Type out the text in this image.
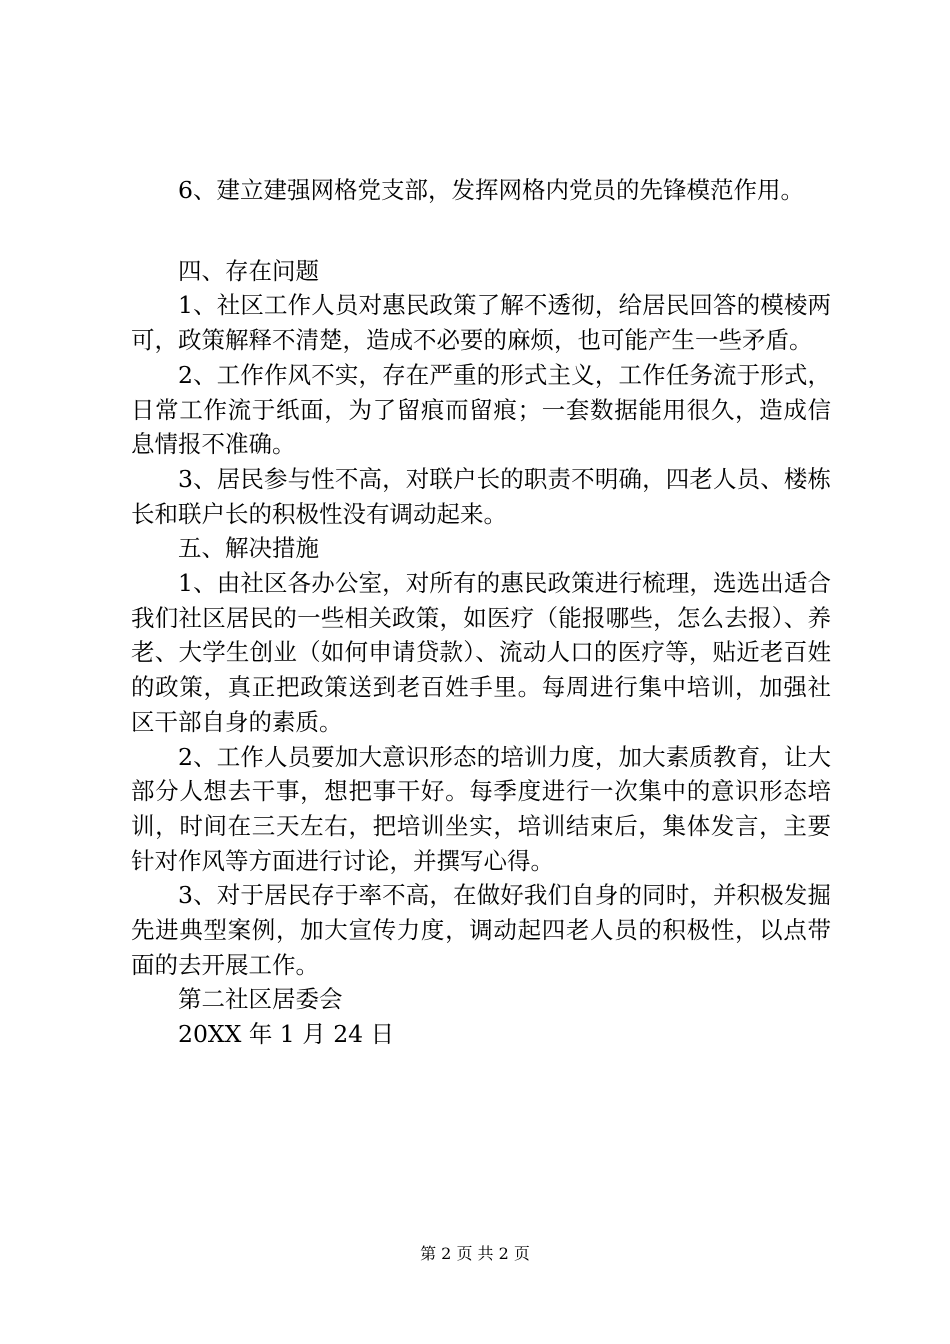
6、建立建强网格党支部，发挥网格内党员的先锋模范作用。

四、存在问题

1、社区工作人员对惠民政策了解不透彻，给居民回答的模棱两可，政策解释不清楚，造成不必要的麻烦，也可能产生一些矛盾。

2、工作作风不实，存在严重的形式主义，工作任务流于形式，日常工作流于纸面，为了留痕而留痕；一套数据能用很久，造成信息情报不准确。

3、居民参与性不高，对联户长的职责不明确，四老人员、楼栋长和联户长的积极性没有调动起来。

五、解决措施

1、由社区各办公室，对所有的惠民政策进行梳理，选选出适合我们社区居民的一些相关政策，如医疗（能报哪些，怎么去报）、养老、大学生创业（如何申请贷款）、流动人口的医疗等，贴近老百姓的政策，真正把政策送到老百姓手里。每周进行集中培训，加强社区干部自身的素质。

2、工作人员要加大意识形态的培训力度，加大素质教育，让大部分人想去干事，想把事干好。每季度进行一次集中的意识形态培训，时间在三天左右，把培训坐实，培训结束后，集体发言，主要针对作风等方面进行讨论，并撰写心得。

3、对于居民存于率不高，在做好我们自身的同时，并积极发掘先进典型案例，加大宣传力度，调动起四老人员的积极性，以点带面的去开展工作。

第二社区居委会

20XX 年 1 月 24 日

第 2 页 共 2 页
